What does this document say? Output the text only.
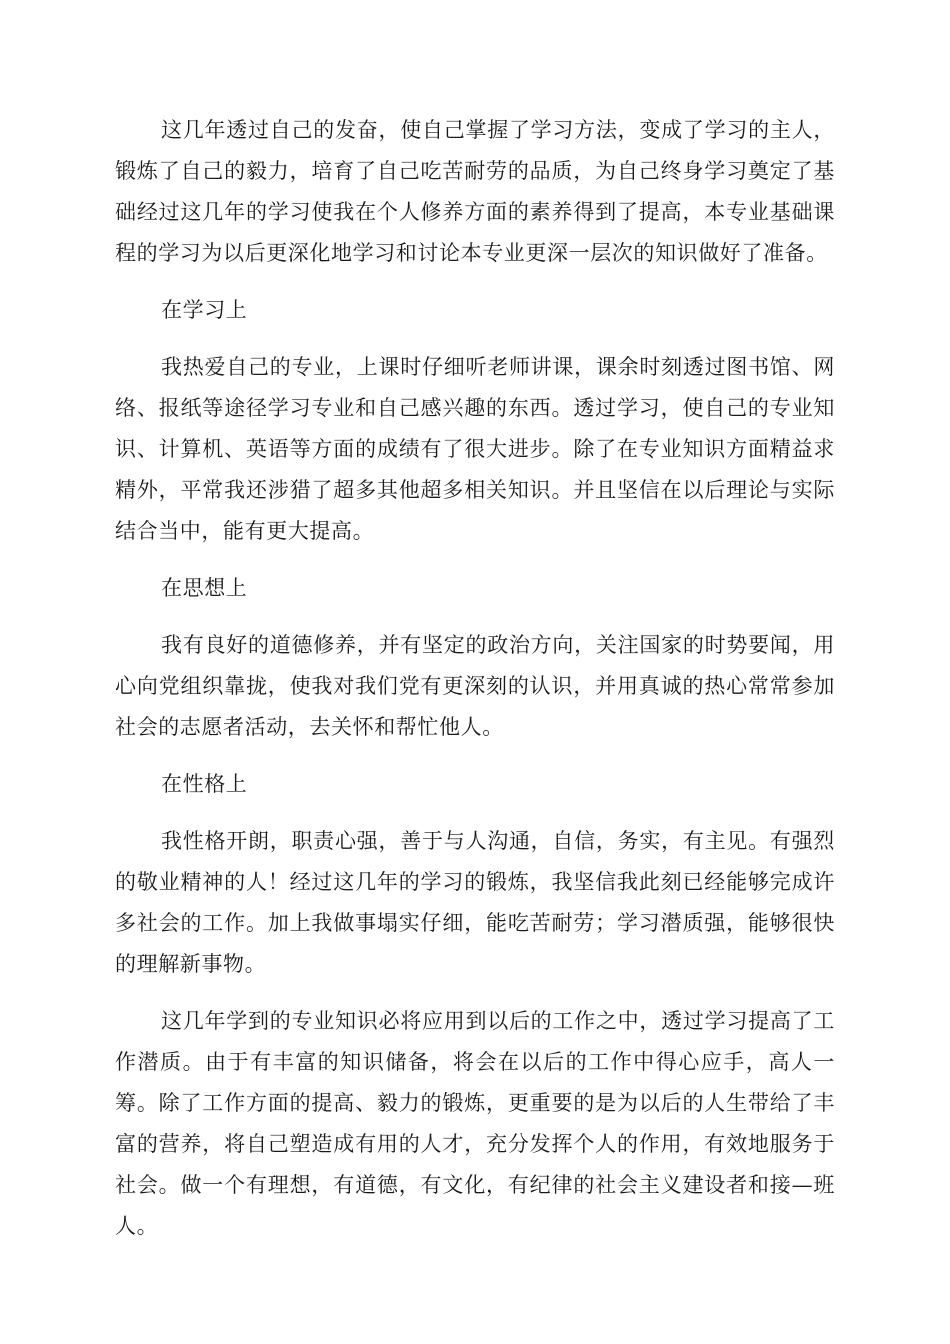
这几年透过自己的发奋，使自己掌握了学习方法，变成了学习的主人，锻炼了自己的毅力，培育了自己吃苦耐劳的品质，为自己终身学习奠定了基础经过这几年的学习使我在个人修养方面的素养得到了提高，本专业基础课程的学习为以后更深化地学习和讨论本专业更深一层次的知识做好了准备。

在学习上

我热爱自己的专业，上课时仔细听老师讲课，课余时刻透过图书馆、网络、报纸等途径学习专业和自己感兴趣的东西。透过学习，使自己的专业知识、计算机、英语等方面的成绩有了很大进步。除了在专业知识方面精益求精外，平常我还涉猎了超多其他超多相关知识。并且坚信在以后理论与实际结合当中，能有更大提高。

在思想上

我有良好的道德修养，并有坚定的政治方向，关注国家的时势要闻，用心向党组织靠拢，使我对我们党有更深刻的认识，并用真诚的热心常常参加社会的志愿者活动，去关怀和帮忙他人。

在性格上

我性格开朗，职责心强，善于与人沟通，自信，务实，有主见。有强烈的敬业精神的人！经过这几年的学习的锻炼，我坚信我此刻已经能够完成许多社会的工作。加上我做事塌实仔细，能吃苦耐劳；学习潜质强，能够很快的理解新事物。

这几年学到的专业知识必将应用到以后的工作之中，透过学习提高了工作潜质。由于有丰富的知识储备，将会在以后的工作中得心应手，高人一筹。除了工作方面的提高、毅力的锻炼，更重要的是为以后的人生带给了丰富的营养，将自己塑造成有用的人才，充分发挥个人的作用，有效地服务于社会。做一个有理想，有道德，有文化，有纪律的社会主义建设者和接—班人。
